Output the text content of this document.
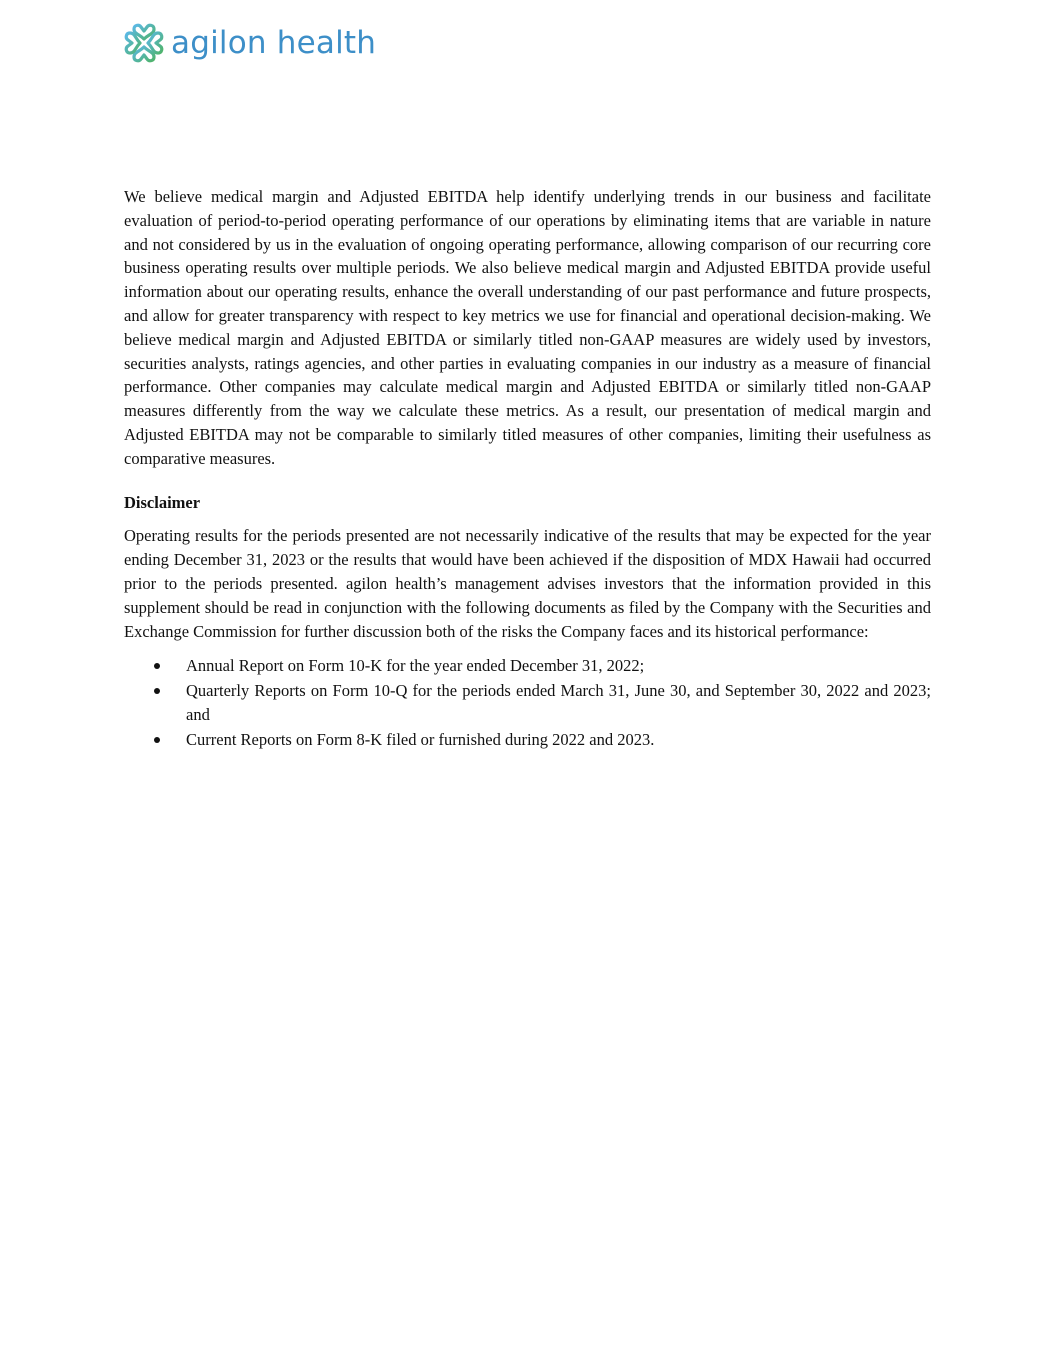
agilon health

We believe medical margin and Adjusted EBITDA help identify underlying trends in our business and facilitate evaluation of period-to-period operating performance of our operations by eliminating items that are variable in nature and not considered by us in the evaluation of ongoing operating performance, allowing comparison of our recurring core business operating results over multiple periods. We also believe medical margin and Adjusted EBITDA provide useful information about our operating results, enhance the overall understanding of our past performance and future prospects, and allow for greater transparency with respect to key metrics we use for financial and operational decision-making. We believe medical margin and Adjusted EBITDA or similarly titled non-GAAP measures are widely used by investors, securities analysts, ratings agencies, and other parties in evaluating companies in our industry as a measure of financial performance. Other companies may calculate medical margin and Adjusted EBITDA or similarly titled non-GAAP measures differently from the way we calculate these metrics. As a result, our presentation of medical margin and Adjusted EBITDA may not be comparable to similarly titled measures of other companies, limiting their usefulness as comparative measures.

Disclaimer

Operating results for the periods presented are not necessarily indicative of the results that may be expected for the year ending December 31, 2023 or the results that would have been achieved if the disposition of MDX Hawaii had occurred prior to the periods presented. agilon health’s management advises investors that the information provided in this supplement should be read in conjunction with the following documents as filed by the Company with the Securities and Exchange Commission for further discussion both of the risks the Company faces and its historical performance:

Annual Report on Form 10-K for the year ended December 31, 2022;
Quarterly Reports on Form 10-Q for the periods ended March 31, June 30, and September 30, 2022 and 2023; and
Current Reports on Form 8-K filed or furnished during 2022 and 2023.
